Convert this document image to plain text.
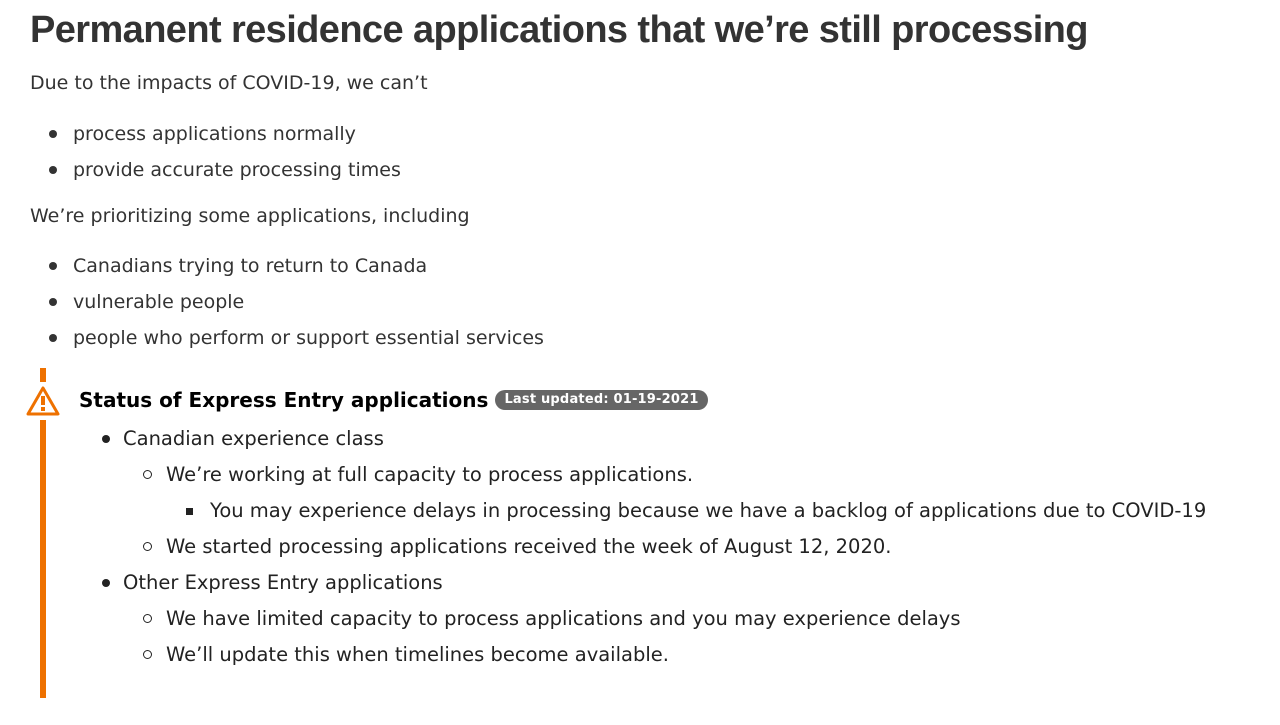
Permanent residence applications that we’re still processing

Due to the impacts of COVID-19, we can’t

process applications normally
provide accurate processing times

We’re prioritizing some applications, including

Canadians trying to return to Canada
vulnerable people
people who perform or support essential services
Status of Express Entry applications	Last updated: 01-19-2021
Canadian experience class
We’re working at full capacity to process applications.
You may experience delays in processing because we have a backlog of applications due to COVID-19
We started processing applications received the week of August 12, 2020.
Other Express Entry applications
We have limited capacity to process applications and you may experience delays
We’ll update this when timelines become available.
